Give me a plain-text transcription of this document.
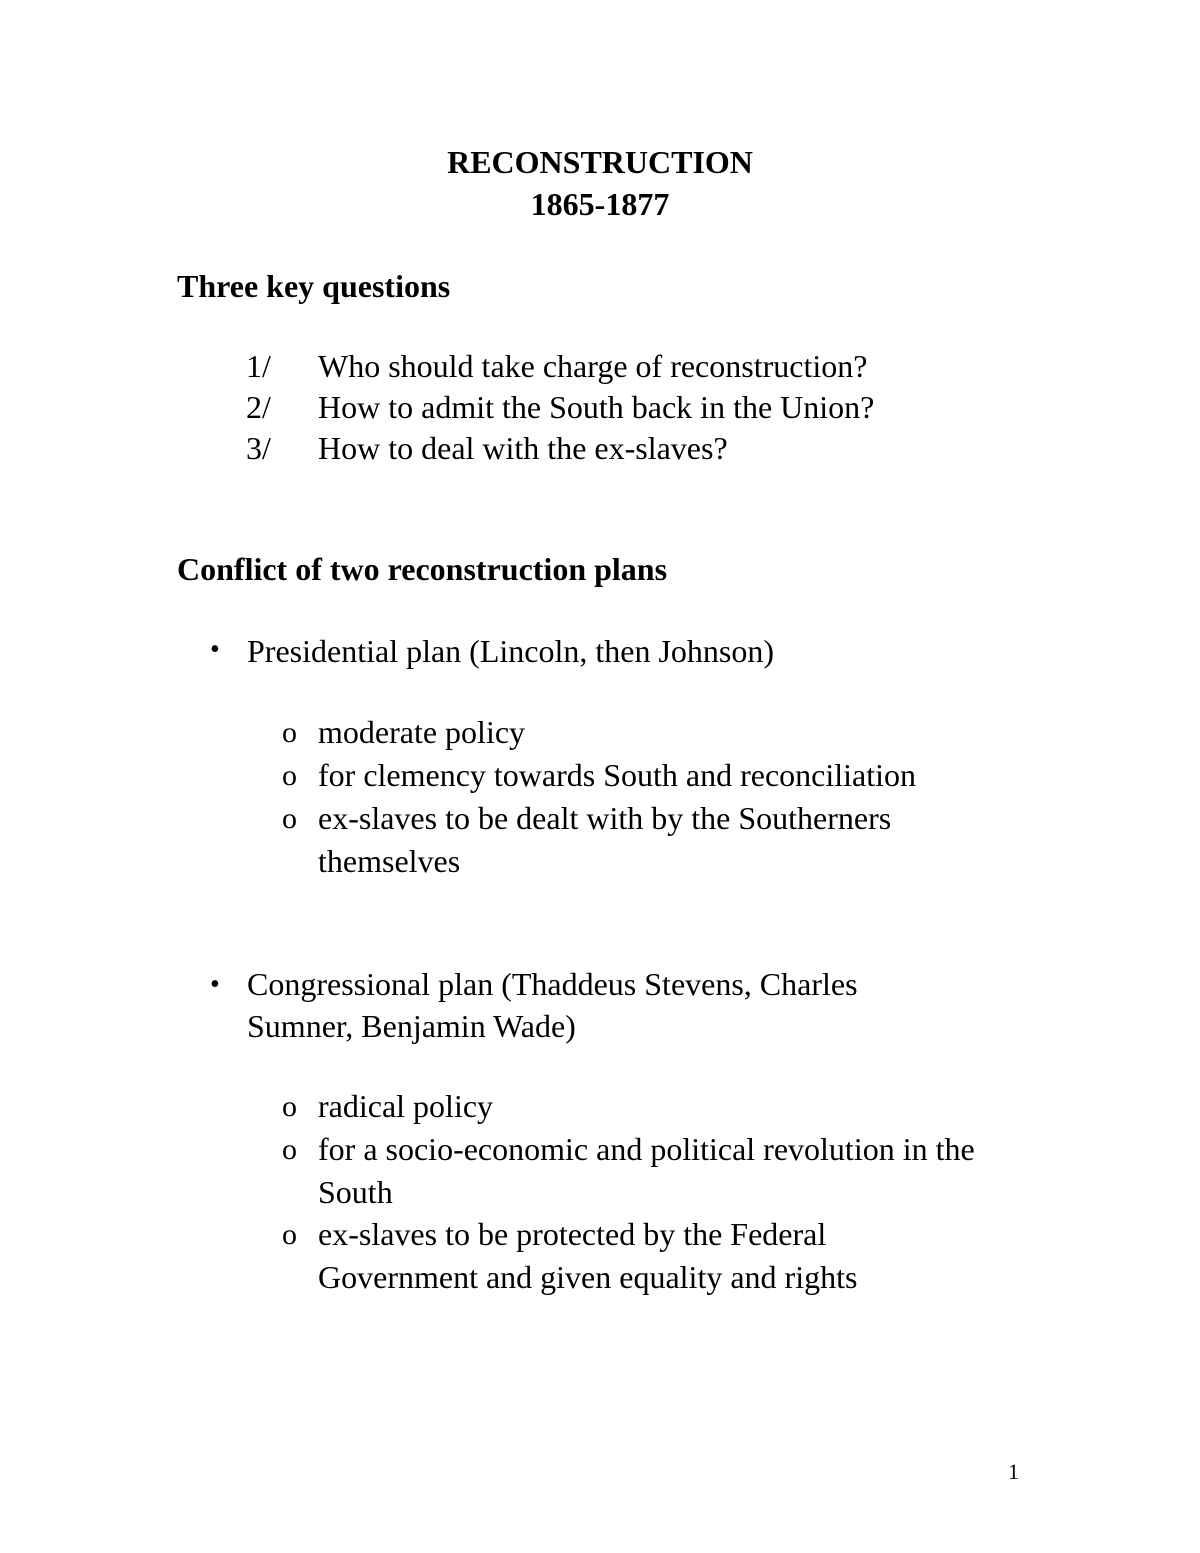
RECONSTRUCTION
1865-1877
Three key questions
1/ Who should take charge of reconstruction?
2/ How to admit the South back in the Union?
3/ How to deal with the ex-slaves?
Conflict of two reconstruction plans
• Presidential plan (Lincoln, then Johnson)
o moderate policy
o for clemency towards South and reconciliation
o ex-slaves to be dealt with by the Southerners themselves
• Congressional plan (Thaddeus Stevens, Charles Sumner, Benjamin Wade)
o radical policy
o for a socio-economic and political revolution in the South
o ex-slaves to be protected by the Federal Government and given equality and rights
1
